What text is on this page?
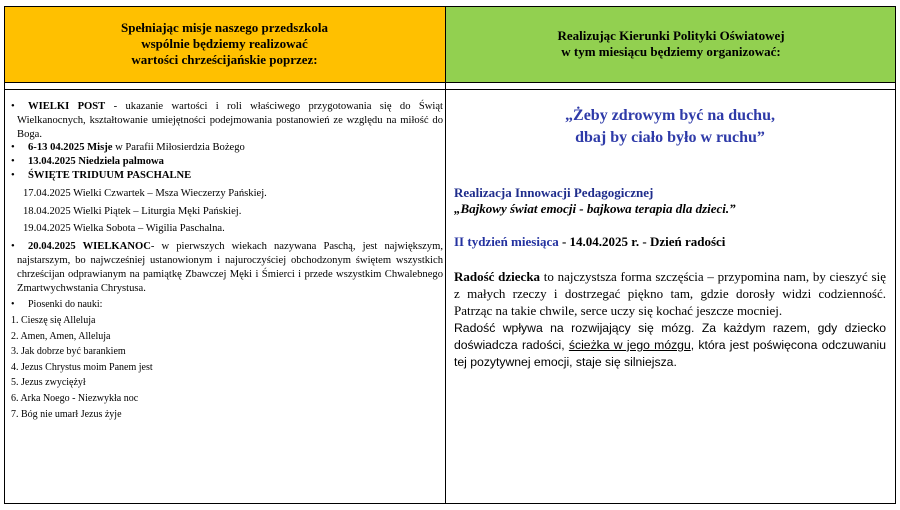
Spełniając misje naszego przedszkola
wspólnie będziemy realizować
wartości chrześcijańskie poprzez:
Realizując Kierunki Polityki Oświatowej
w tym miesiącu będziemy organizować:

• WIELKI POST - ukazanie wartości i roli właściwego przygotowania się do Świąt Wielkanocnych, kształtowanie umiejętności podejmowania postanowień ze względu na miłość do Boga.

• 6-13 04.2025 Misje w Parafii Miłosierdzia Bożego

• 13.04.2025 Niedziela palmowa

• ŚWIĘTE TRIDUUM PASCHALNE

17.04.2025 Wielki Czwartek – Msza Wieczerzy Pańskiej.

18.04.2025 Wielki Piątek – Liturgia Męki Pańskiej.

19.04.2025 Wielka Sobota – Wigilia Paschalna.

• 20.04.2025 WIELKANOC- w pierwszych wiekach nazywana Paschą, jest największym, najstarszym, bo najwcześniej ustanowionym i najuroczyściej obchodzonym świętem wszystkich chrześcijan odprawianym na pamiątkę Zbawczej Męki i Śmierci i przede wszystkim Chwalebnego Zmartwychwstania Chrystusa.

• Piosenki do nauki:

1. Cieszę się Alleluja

2. Amen, Amen, Alleluja

3. Jak dobrze być barankiem

4. Jezus Chrystus moim Panem jest

5. Jezus zwyciężył

6. Arka Noego - Niezwykła noc

7. Bóg nie umarł Jezus żyje

„Żeby zdrowym być na duchu,
dbaj by ciało było w ruchu”
Realizacja Innowacji Pedagogicznej
„Bajkowy świat emocji - bajkowa terapia dla dzieci.”
II tydzień miesiąca - 14.04.2025 r. - Dzień radości

Radość dziecka to najczystsza forma szczęścia – przypomina nam, by cieszyć się z małych rzeczy i dostrzegać piękno tam, gdzie dorosły widzi codzienność. Patrząc na takie chwile, serce uczy się kochać jeszcze mocniej.

Radość wpływa na rozwijający się mózg. Za każdym razem, gdy dziecko doświadcza radości, ścieżka w jego mózgu, która jest poświęcona odczuwaniu tej pozytywnej emocji, staje się silniejsza.
